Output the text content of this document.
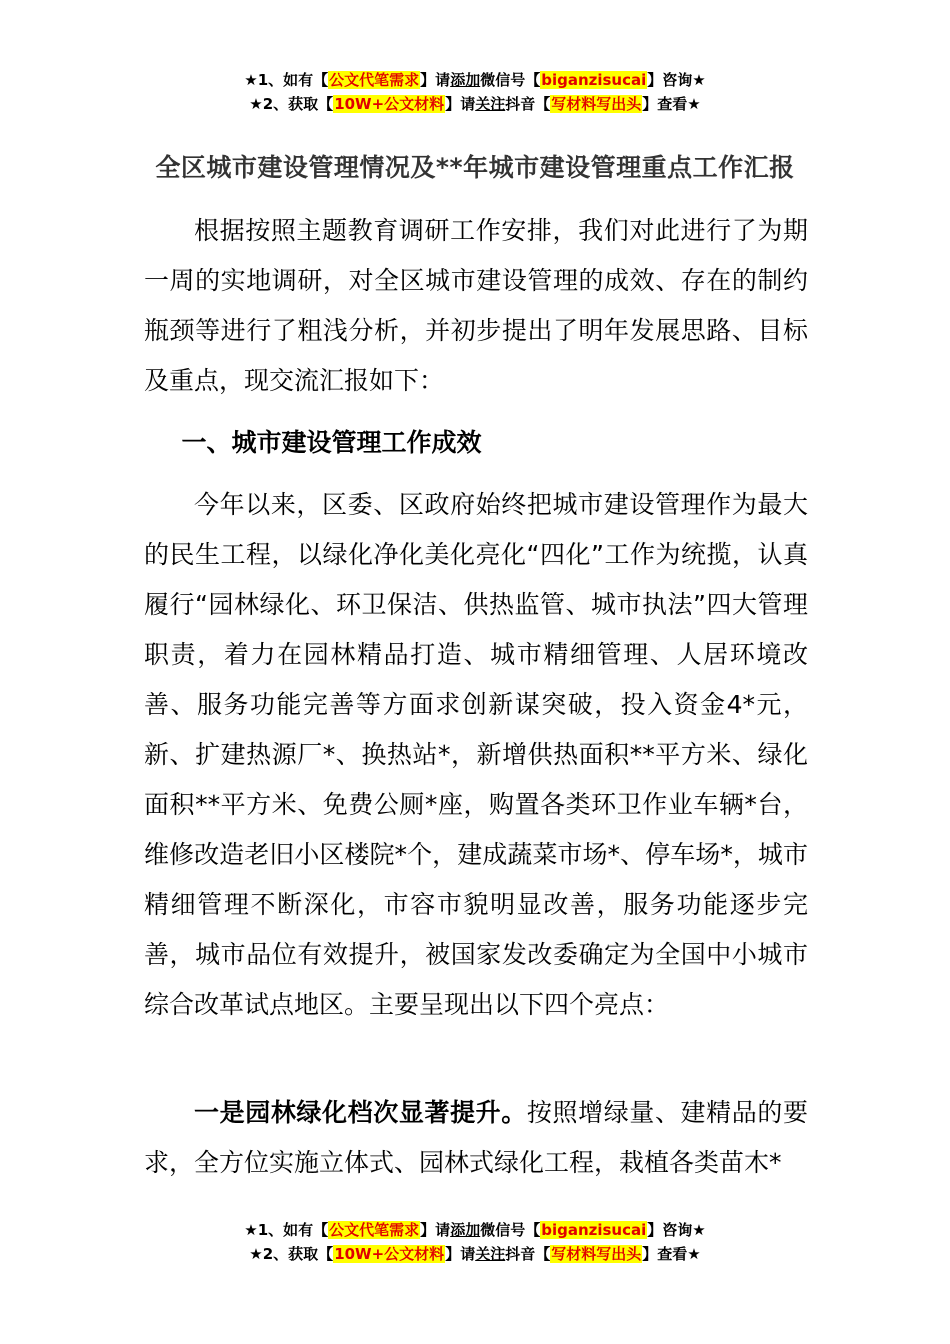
★1、如有【公文代笔需求】请添加微信号【biganzisucai】咨询★
★2、获取【10W+公文材料】请关注抖音【写材料写出头】查看★
全区城市建设管理情况及**年城市建设管理重点工作汇报

根据按照主题教育调研工作安排，我们对此进行了为期一周的实地调研，对全区城市建设管理的成效、存在的制约瓶颈等进行了粗浅分析，并初步提出了明年发展思路、目标及重点，现交流汇报如下：

一、城市建设管理工作成效

今年以来，区委、区政府始终把城市建设管理作为最大的民生工程，以绿化净化美化亮化“四化”工作为统揽，认真履行“园林绿化、环卫保洁、供热监管、城市执法”四大管理职责，着力在园林精品打造、城市精细管理、人居环境改善、服务功能完善等方面求创新谋突破，投入资金4*元，新、扩建热源厂*、换热站*，新增供热面积**平方米、绿化面积**平方米、免费公厕*座，购置各类环卫作业车辆*台，维修改造老旧小区楼院*个，建成蔬菜市场*、停车场*，城市精细管理不断深化，市容市貌明显改善，服务功能逐步完善，城市品位有效提升，被国家发改委确定为全国中小城市综合改革试点地区。主要呈现出以下四个亮点：

一是园林绿化档次显著提升。按照增绿量、建精品的要求，全方位实施立体式、园林式绿化工程，栽植各类苗木*

★1、如有【公文代笔需求】请添加微信号【biganzisucai】咨询★
★2、获取【10W+公文材料】请关注抖音【写材料写出头】查看★
